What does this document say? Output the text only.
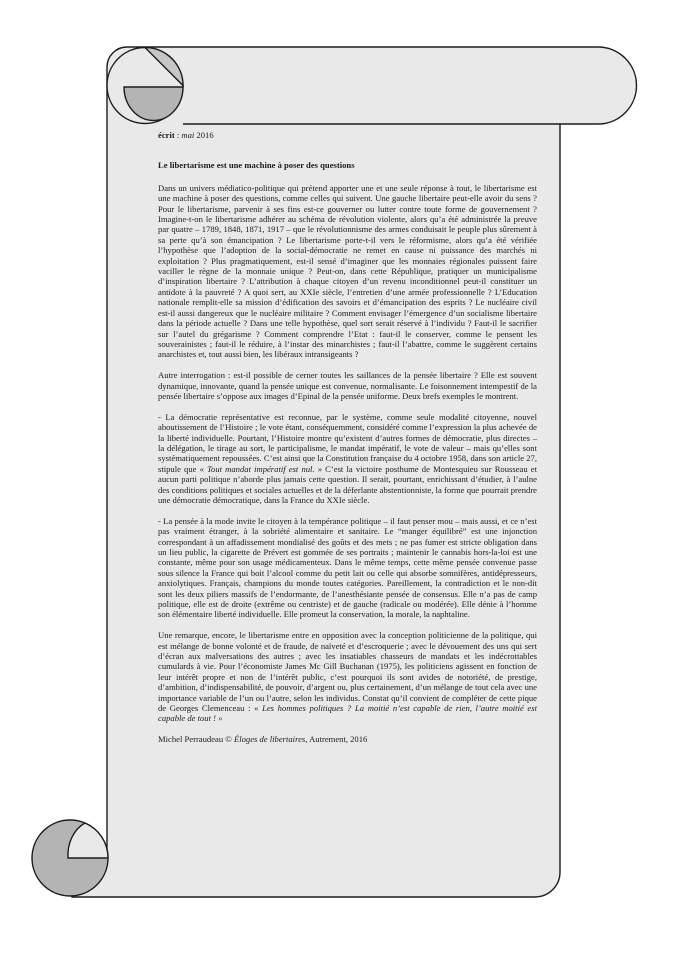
écrit : mai 2016

Le libertarisme est une machine à poser des questions

Dans un univers médiatico-politique qui prétend apporter une et une seule réponse à tout, le libertarisme est une machine à poser des questions, comme celles qui suivent. Une gauche libertaire peut-elle avoir du sens ? Pour le libertarisme, parvenir à ses fins est-ce gouverner ou lutter contre toute forme de gouvernement ? Imagine-t-on le libertarisme adhérer au schéma de révolution violente, alors qu’a été administrée la preuve par quatre – 1789, 1848, 1871, 1917 – que le révolutionnisme des armes conduisait le peuple plus sûrement à sa perte qu’à son émancipation ? Le libertarisme porte-t-il vers le réformisme, alors qu’a été vérifiée l’hypothèse que l’adoption de la social-démocratie ne remet en cause ni puissance des marchés ni exploitation ? Plus pragmatiquement, est-il sensé d’imaginer que les monnaies régionales puissent faire vaciller le règne de la monnaie unique ? Peut-on, dans cette République, pratiquer un municipalisme d’inspiration libertaire ? L’attribution à chaque citoyen d’un revenu inconditionnel peut-il constituer un antidote à la pauvreté ? A quoi sert, au XXIe siècle, l’entretien d’une armée professionnelle ? L’Education nationale remplit-elle sa mission d’édification des savoirs et d’émancipation des esprits ? Le nucléaire civil est-il aussi dangereux que le nucléaire militaire ? Comment envisager l’émergence d’un socialisme libertaire dans la période actuelle ? Dans une telle hypothèse, quel sort serait réservé à l’individu ? Faut-il le sacrifier sur l’autel du grégarisme ? Comment comprendre l’Etat : faut-il le conserver, comme le pensent les souverainistes ; faut-il le réduire, à l’instar des minarchistes ; faut-il l’abattre, comme le suggèrent certains anarchistes et, tout aussi bien, les libéraux intransigeants ?

Autre interrogation : est-il possible de cerner toutes les saillances de la pensée libertaire ? Elle est souvent dynamique, innovante, quand la pensée unique est convenue, normalisante. Le foisonnement intempestif de la pensée libertaire s’oppose aux images d’Epinal de la pensée uniforme. Deux brefs exemples le montrent.

- La démocratie représentative est reconnue, par le système, comme seule modalité citoyenne, nouvel aboutissement de l’Histoire ; le vote étant, conséquemment, considéré comme l’expression la plus achevée de la liberté individuelle. Pourtant, l’Histoire montre qu’existent d’autres formes de démocratie, plus directes – la délégation, le tirage au sort, le participalisme, le mandat impératif, le vote de valeur – mais qu’elles sont systématiquement repoussées. C’est ainsi que la Constitution française du 4 octobre 1958, dans son article 27, stipule que « Tout mandat impératif est nul. » C’est la victoire posthume de Montesquieu sur Rousseau et aucun parti politique n’aborde plus jamais cette question. Il serait, pourtant, enrichissant d’étudier, à l’aulne des conditions politiques et sociales actuelles et de la déferlante abstentionniste, la forme que pourrait prendre une démocratie démocratique, dans la France du XXIe siècle.

- La pensée à la mode invite le citoyen à la tempérance politique – il faut penser mou – mais aussi, et ce n’est pas vraiment étranger, à la sobriété alimentaire et sanitaire. Le “manger équilibré” est une injonction correspondant à un affadissement mondialisé des goûts et des mets ; ne pas fumer est stricte obligation dans un lieu public, la cigarette de Prévert est gommée de ses portraits ; maintenir le cannabis hors-la-loi est une constante, même pour son usage médicamenteux. Dans le même temps, cette même pensée convenue passe sous silence la France qui boit l’alcool comme du petit lait ou celle qui absorbe somnifères, antidépresseurs, anxiolytiques. Français, champions du monde toutes catégories. Pareillement, la contradiction et le non-dit sont les deux piliers massifs de l’endormante, de l’anesthésiante pensée de consensus. Elle n’a pas de camp politique, elle est de droite (extrême ou centriste) et de gauche (radicale ou modérée). Elle dénie à l’homme son élémentaire liberté individuelle. Elle promeut la conservation, la morale, la naphtaline.

Une remarque, encore, le libertarisme entre en opposition avec la conception politicienne de la politique, qui est mélange de bonne volonté et de fraude, de naïveté et d’escroquerie ; avec le dévouement des uns qui sert d’écran aux malversations des autres ; avec les insatiables chasseurs de mandats et les indécrottables cumulards à vie. Pour l’économiste James Mc Gill Buchanan (1975), les politiciens agissent en fonction de leur intérêt propre et non de l’intérêt public, c’est pourquoi ils sont avides de notoriété, de prestige, d’ambition, d’indispensabilité, de pouvoir, d’argent ou, plus certainement, d’un mélange de tout cela avec une importance variable de l’un ou l’autre, selon les individus. Constat qu’il convient de compléter de cette pique de Georges Clemenceau : « Les hommes politiques ? La moitié n’est capable de rien, l’autre moitié est capable de tout ! »

Michel Perraudeau © Éloges de libertaires, Autrement, 2016
